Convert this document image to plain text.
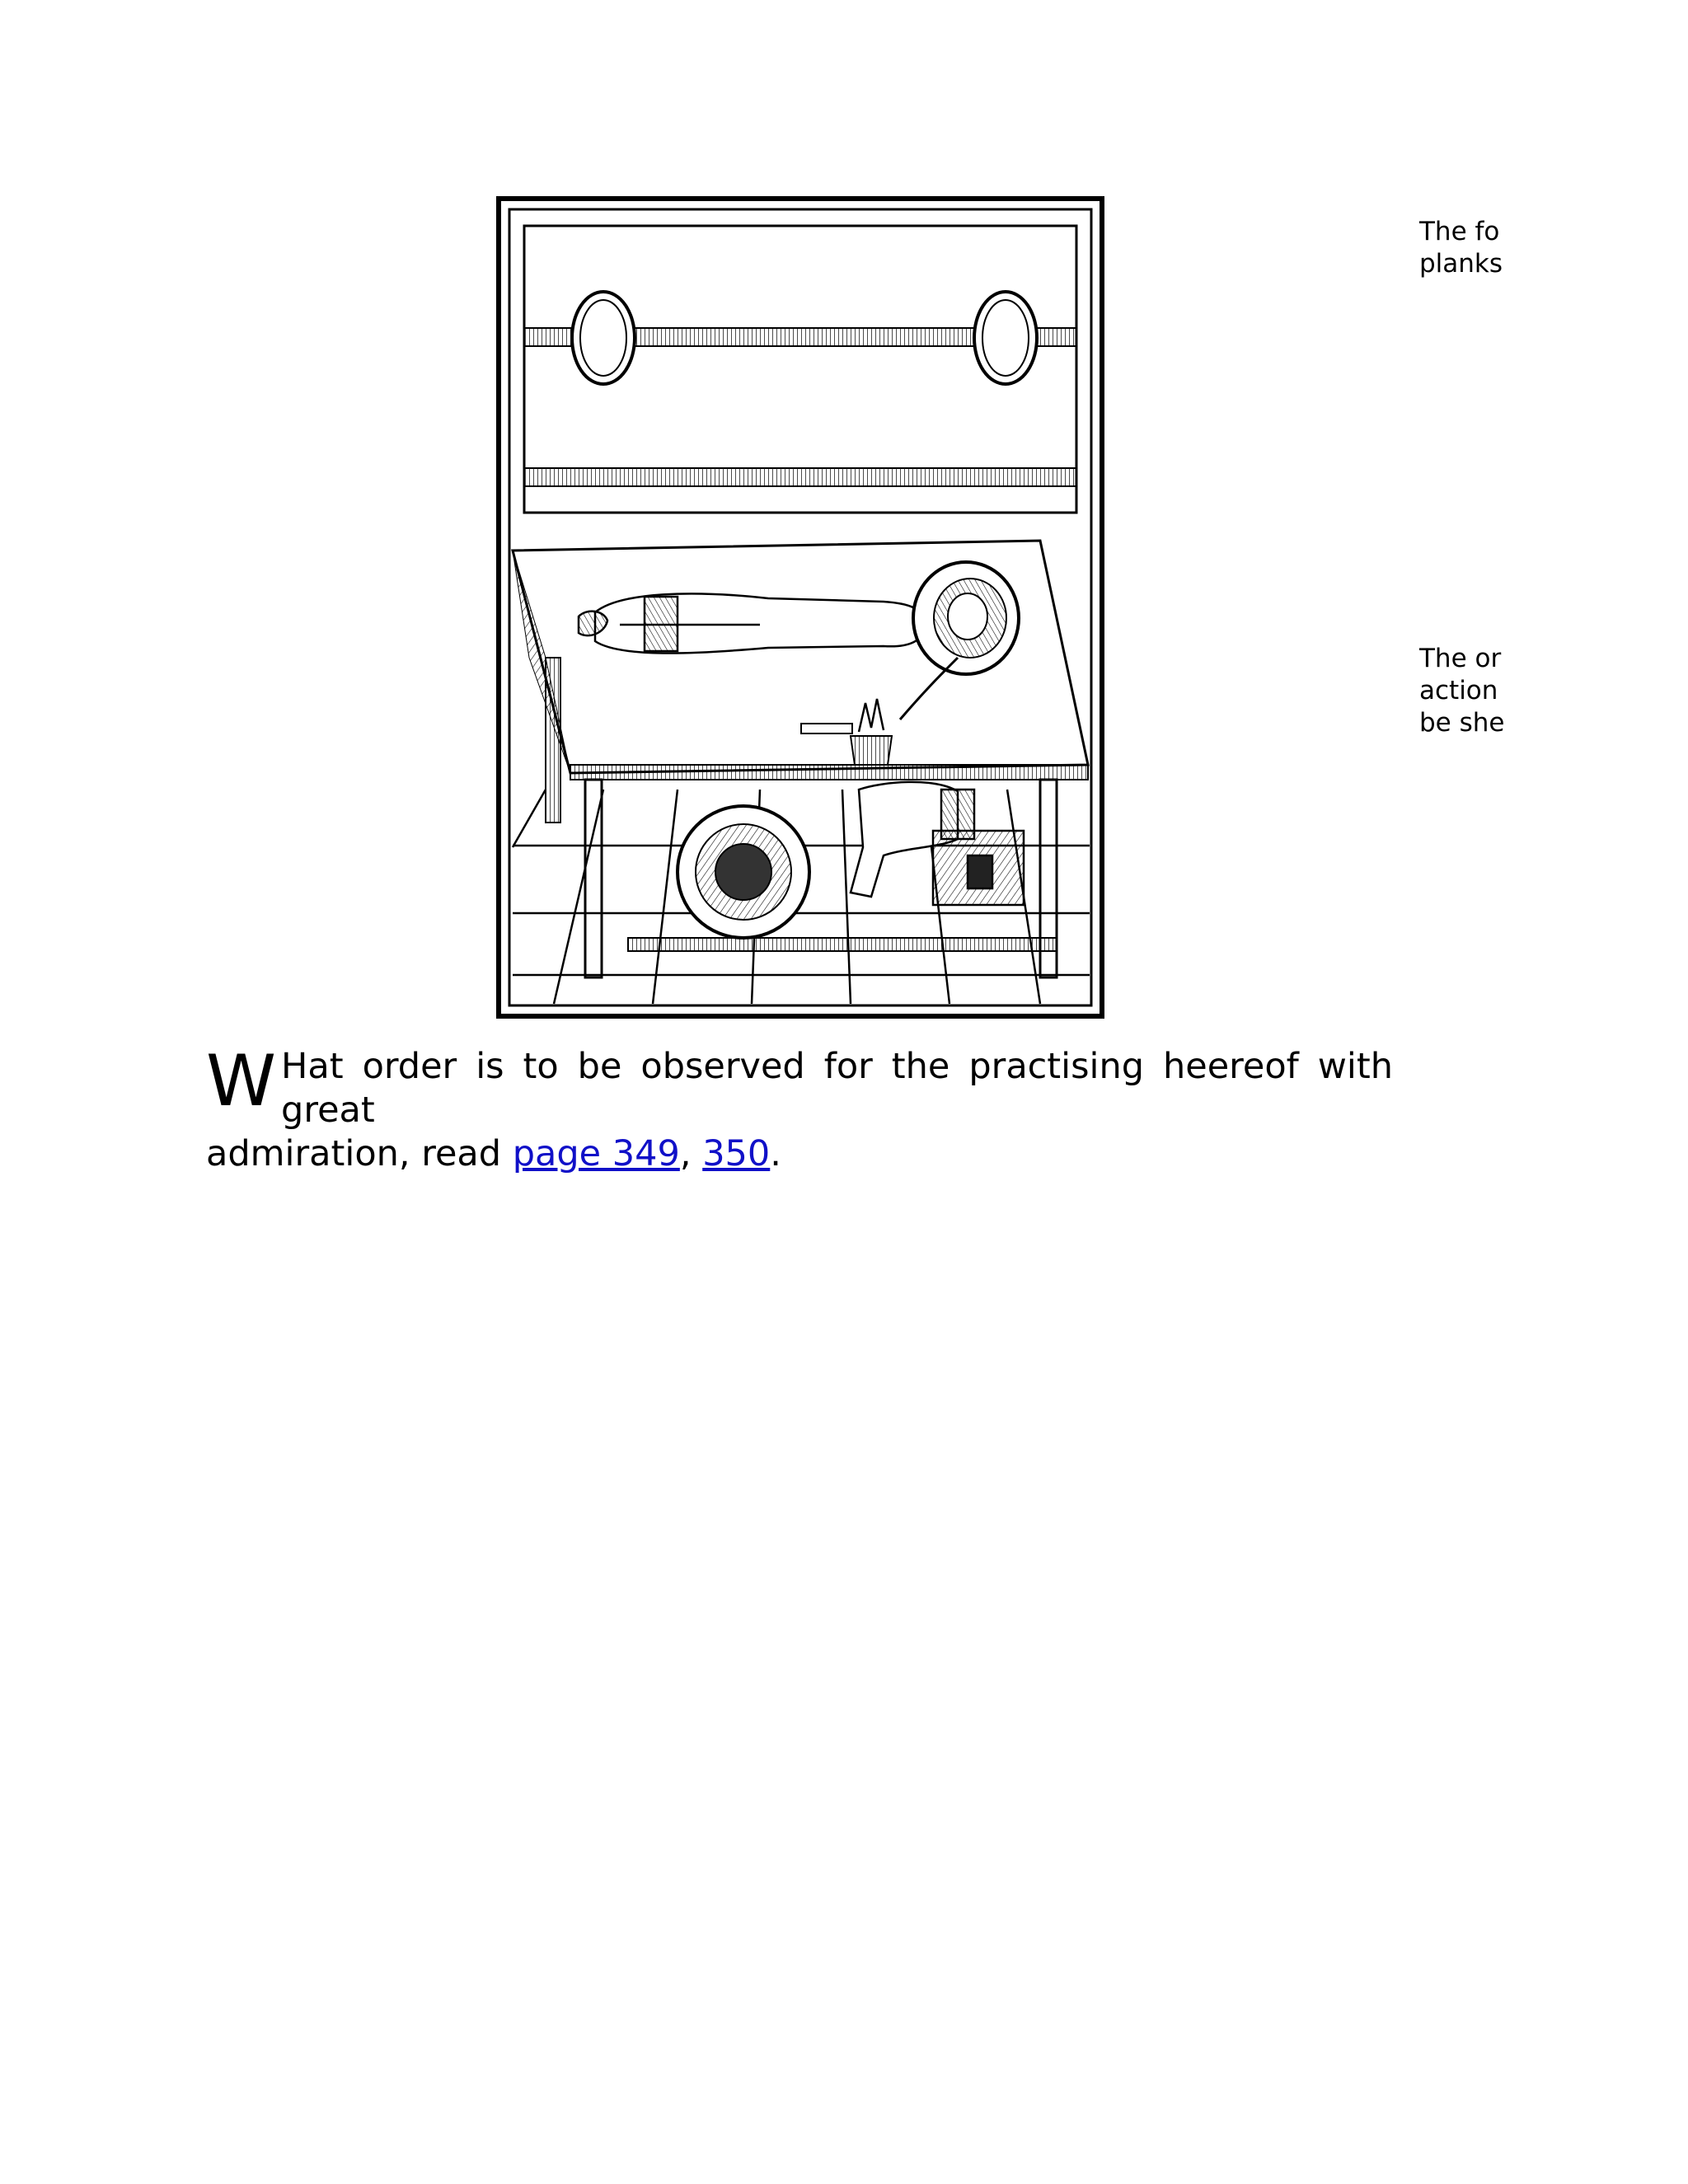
The fo
planks
The or
action
be she
W Hat order is to be observed for the practising heereof with great
admiration, read page 349, 350.
